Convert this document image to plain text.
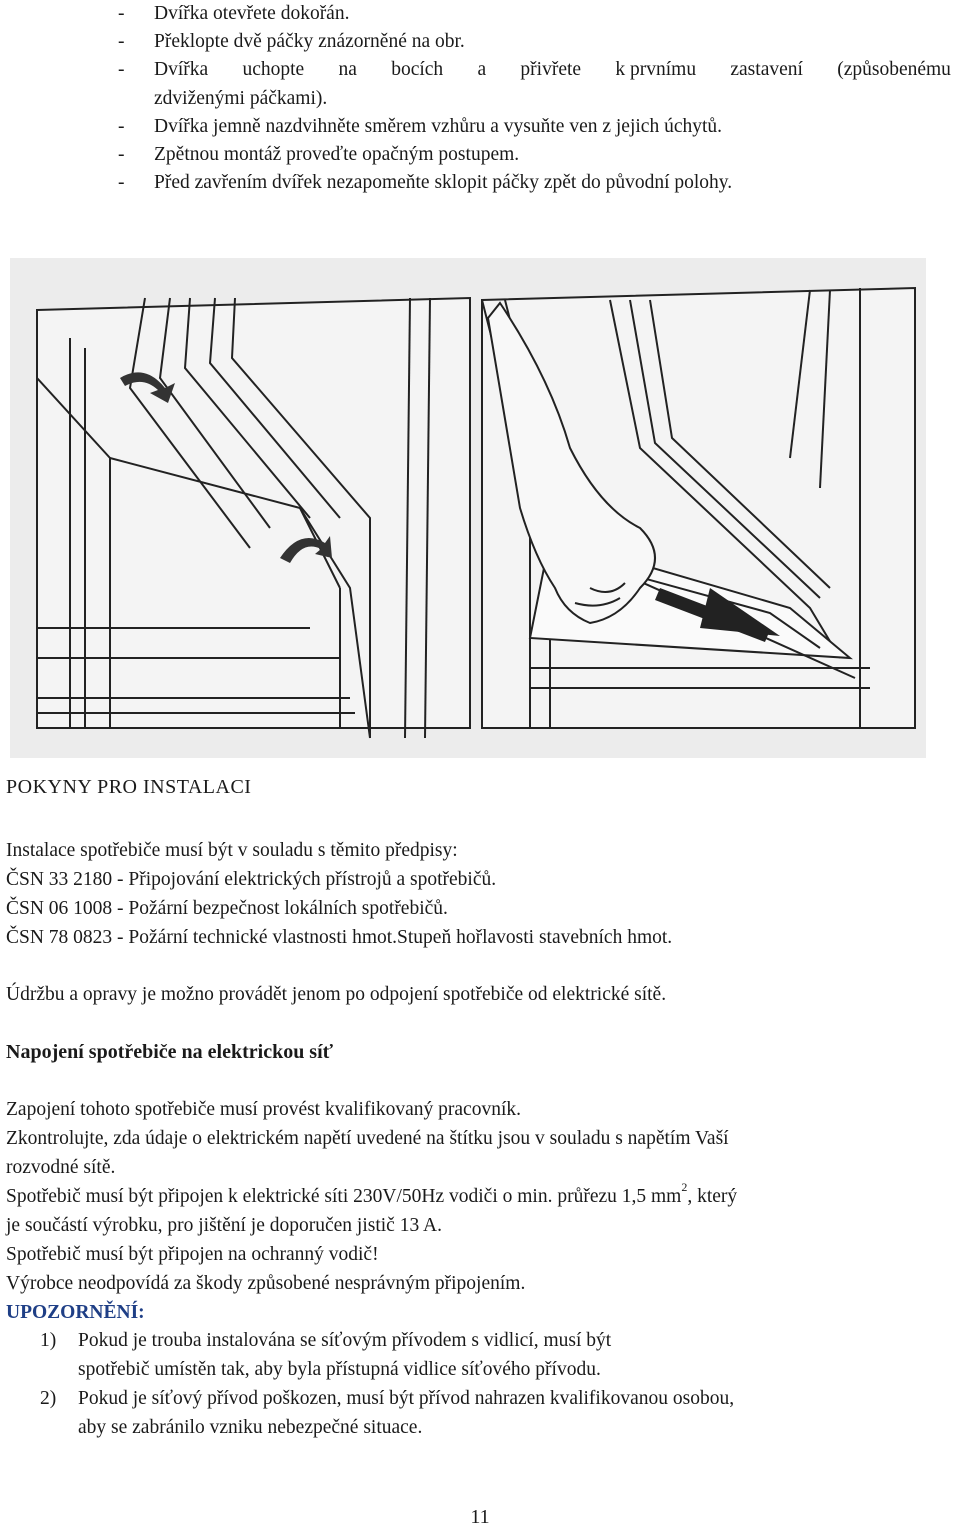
- Dvířka otevřete dokořán.
- Překlopte dvě páčky znázorněné na obr.
-	Dvířka uchopte na bocích a přivřete k prvnímu zastavení (způsobenému
zdviženými páčkami).
- Dvířka jemně nazdvihněte směrem vzhůru a vysuňte ven z jejich úchytů.
- Zpětnou montáž proveďte opačným postupem.
- Před zavřením dvířek nezapomeňte sklopit páčky zpět do původní polohy.
POKYNY PRO INSTALACI
Instalace spotřebiče musí být v souladu s těmito předpisy:
ČSN 33 2180 - Připojování elektrických přístrojů a spotřebičů.
ČSN 06 1008 - Požární bezpečnost lokálních spotřebičů.
ČSN 78 0823 - Požární technické vlastnosti hmot.Stupeň hořlavosti stavebních hmot.
Údržbu a opravy je možno provádět jenom po odpojení spotřebiče od elektrické sítě.
Napojení spotřebiče na elektrickou síť
Zapojení tohoto spotřebiče musí provést kvalifikovaný pracovník.
Zkontrolujte, zda údaje o elektrickém napětí uvedené na štítku jsou v souladu s napětím Vaší
rozvodné sítě.
Spotřebič musí být připojen k elektrické síti 230V/50Hz vodiči o min. průřezu 1,5 $mm^2$, který
je součástí výrobku, pro jištění je doporučen jistič 13 A.
Spotřebič musí být připojen na ochranný vodič!
Výrobce neodpovídá za škody způsobené nesprávným připojením.
UPOZORNĚNÍ:
1)	Pokud je trouba instalována se síťovým přívodem s vidlicí, musí být
spotřebič umístěn tak, aby byla přístupná vidlice síťového přívodu.
2)	Pokud je síťový přívod poškozen, musí být přívod nahrazen kvalifikovanou osobou,
aby se zabránilo vzniku nebezpečné situace.
11
